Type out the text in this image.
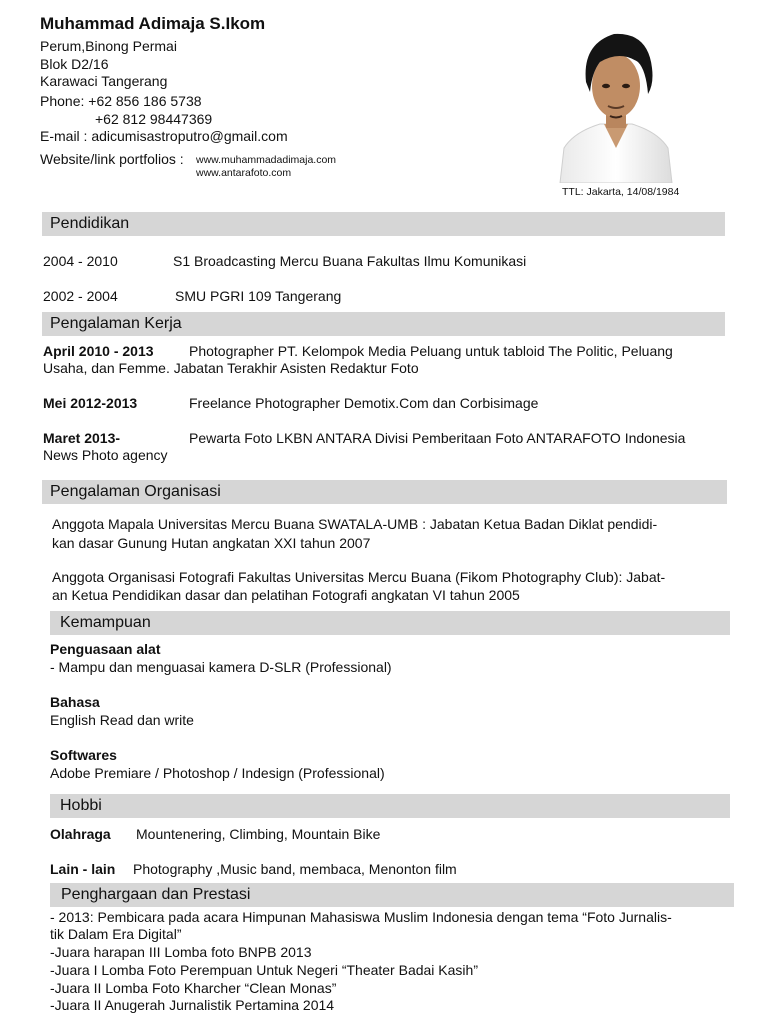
Muhammad Adimaja S.Ikom
Perum,Binong Permai
Blok D2/16
Karawaci Tangerang
Phone: +62 856 186 5738
+62 812 98447369
E-mail : adicumisastroputro@gmail.com
Website/link portfolios : www.muhammadadimaja.com
www.antarafoto.com
TTL: Jakarta, 14/08/1984
Pendidikan
2004 - 2010	S1 Broadcasting Mercu Buana Fakultas Ilmu Komunikasi
2002 - 2004	SMU PGRI 109 Tangerang
Pengalaman Kerja
April 2010 - 2013	Photographer PT. Kelompok Media Peluang untuk tabloid The Politic, Peluang
Usaha, dan Femme. Jabatan Terakhir Asisten Redaktur Foto
Mei 2012-2013	Freelance Photographer Demotix.Com dan Corbisimage
Maret 2013-	Pewarta Foto LKBN ANTARA Divisi Pemberitaan Foto ANTARAFOTO Indonesia
News Photo agency
Pengalaman Organisasi
Anggota Mapala Universitas Mercu Buana SWATALA-UMB : Jabatan Ketua Badan Diklat pendidi-
kan dasar Gunung Hutan angkatan XXI tahun 2007
Anggota Organisasi Fotografi Fakultas Universitas Mercu Buana (Fikom Photography Club): Jabat-
an Ketua Pendidikan dasar dan pelatihan Fotografi angkatan VI tahun 2005
Kemampuan
Penguasaan alat
- Mampu dan menguasai kamera D-SLR (Professional)
Bahasa
English Read dan write
Softwares
Adobe Premiare / Photoshop / Indesign (Professional)
Hobbi
Olahraga Mountenering, Climbing, Mountain Bike
Lain - lain Photography ,Music band, membaca, Menonton film
Penghargaan dan Prestasi
- 2013: Pembicara pada acara Himpunan Mahasiswa Muslim Indonesia dengan tema “Foto Jurnalis-
tik Dalam Era Digital”
-Juara harapan III Lomba foto BNPB 2013
-Juara I Lomba Foto Perempuan Untuk Negeri “Theater Badai Kasih”
-Juara II Lomba Foto Kharcher “Clean Monas”
-Juara II Anugerah Jurnalistik Pertamina 2014
